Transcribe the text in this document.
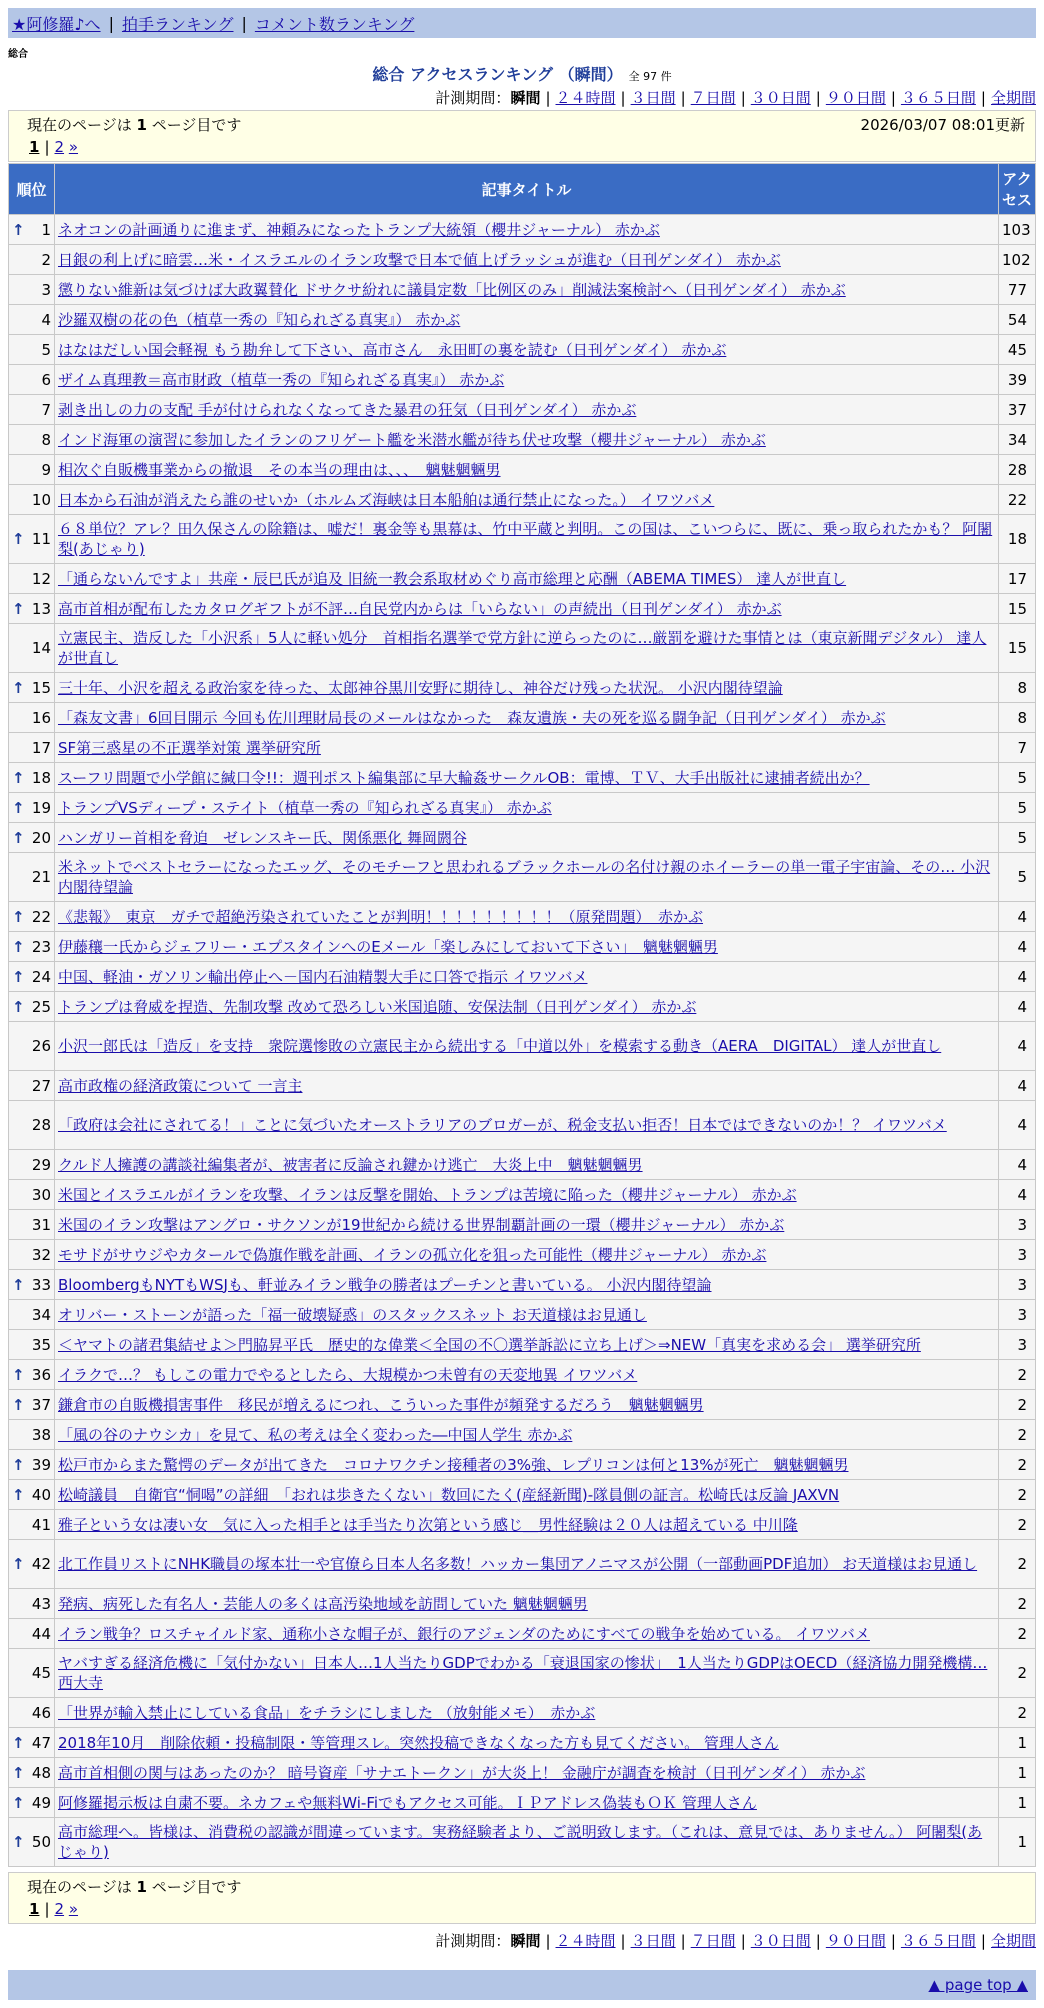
★阿修羅♪へ | 拍手ランキング | コメント数ランキング
総合
総合 アクセスランキング （瞬間） 全 97 件
計測期間：瞬間 | ２４時間 | ３日間 | ７日間 | ３０日間 | ９０日間 | ３６５日間 | 全期間
現在のページは 1 ページ目です	2026/03/07 08:01更新
1 | 2 »
順位	記事タイトル	アクセス

↑ 1	ネオコンの計画通りに進まず、神頼みになったトランプ大統領（櫻井ジャーナル） 赤かぶ	103
2	日銀の利上げに暗雲…米・イスラエルのイラン攻撃で日本で値上げラッシュが進む（日刊ゲンダイ） 赤かぶ	102
3	懲りない維新は気づけば大政翼賛化 ドサクサ紛れに議員定数「比例区のみ」削減法案検討へ（日刊ゲンダイ） 赤かぶ	77
4	沙羅双樹の花の色（植草一秀の『知られざる真実』） 赤かぶ	54
5	はなはだしい国会軽視 もう勘弁して下さい、高市さん　永田町の裏を読む（日刊ゲンダイ） 赤かぶ	45
6	ザイム真理教＝高市財政（植草一秀の『知られざる真実』） 赤かぶ	39
7	剥き出しの力の支配 手が付けられなくなってきた暴君の狂気（日刊ゲンダイ） 赤かぶ	37
8	インド海軍の演習に参加したイランのフリゲート艦を米潜水艦が待ち伏せ攻撃（櫻井ジャーナル） 赤かぶ	34
9	相次ぐ自販機事業からの撤退　その本当の理由は、、、　魑魅魍魎男	28
10	日本から石油が消えたら誰のせいか（ホルムズ海峡は日本船舶は通行禁止になった。） イワツバメ	22

↑ 11	６８単位？アレ？田久保さんの除籍は、嘘だ！裏金等も黒幕は、竹中平蔵と判明。この国は、こいつらに、既に、乗っ取られたかも？ 阿闍梨(あじゃり)	18
12	「通らないんですよ」共産・辰巳氏が追及 旧統一教会系取材めぐり高市総理と応酬（ABEMA TIMES） 達人が世直し	17

↑ 13	高市首相が配布したカタログギフトが不評…自民党内からは「いらない」の声続出（日刊ゲンダイ） 赤かぶ	15
14	立憲民主、造反した「小沢系」5人に軽い処分　首相指名選挙で党方針に逆らったのに…厳罰を避けた事情とは（東京新聞デジタル） 達人が世直し	15

↑ 15	三十年、小沢を超える政治家を待った、太郎神谷黒川安野に期待し、神谷だけ残った状況。 小沢内閣待望論	8
16	「森友文書」6回目開示 今回も佐川理財局長のメールはなかった　森友遺族・夫の死を巡る闘争記（日刊ゲンダイ） 赤かぶ	8
17	SF第三惑星の不正選挙対策 選挙研究所	7

↑ 18	スーフリ問題で小学館に緘口令!!：週刊ポスト編集部に早大輪姦サークルOB：電博、ＴＶ、大手出版社に逮捕者続出か？	5

↑ 19	トランプVSディープ・ステイト（植草一秀の『知られざる真実』） 赤かぶ	5

↑ 20	ハンガリー首相を脅迫　ゼレンスキー氏、関係悪化 舞岡閼谷	5
21	米ネットでベストセラーになったエッグ、そのモチーフと思われるブラックホールの名付け親のホイーラーの単一電子宇宙論、その… 小沢内閣待望論	5

↑ 22	《悲報》　東京　ガチで超絶汚染されていたことが判明！！！！！！！！！（原発問題）　赤かぶ	4

↑ 23	伊藤穰一氏からジェフリー・エプスタインへのEメール「楽しみにしておいて下さい」　魑魅魍魎男	4

↑ 24	中国、軽油・ガソリン輸出停止へ－国内石油精製大手に口答で指示 イワツバメ	4

↑ 25	トランプは脅威を捏造、先制攻撃 改めて恐ろしい米国追随、安保法制（日刊ゲンダイ） 赤かぶ	4
26	小沢一郎氏は「造反」を支持　衆院選惨敗の立憲民主から続出する「中道以外」を模索する動き（AERA　DIGITAL） 達人が世直し	4
27	高市政権の経済政策について 一言主	4
28	「政府は会社にされてる！」ことに気づいたオーストラリアのブロガーが、税金支払い拒否！日本ではできないのか！？ イワツバメ	4
29	クルド人擁護の講談社編集者が、被害者に反論され鍵かけ逃亡　大炎上中　魑魅魍魎男	4
30	米国とイスラエルがイランを攻撃、イランは反撃を開始、トランプは苦境に陥った（櫻井ジャーナル） 赤かぶ	4
31	米国のイラン攻撃はアングロ・サクソンが19世紀から続ける世界制覇計画の一環（櫻井ジャーナル） 赤かぶ	3
32	モサドがサウジやカタールで偽旗作戦を計画、イランの孤立化を狙った可能性（櫻井ジャーナル） 赤かぶ	3

↑ 33	BloombergもNYTもWSJも、軒並みイラン戦争の勝者はプーチンと書いている。 小沢内閣待望論	3
34	オリバー・ストーンが語った「福一破壊疑惑」のスタックスネット お天道様はお見通し	3
35	＜ヤマトの諸君集結せよ＞門脇昇平氏　歴史的な偉業＜全国の不〇選挙訴訟に立ち上げ＞⇒NEW「真実を求める会」 選挙研究所	3

↑ 36	イラクで…？ もしこの電力でやるとしたら、大規模かつ未曾有の天変地異 イワツバメ	2

↑ 37	鎌倉市の自販機損害事件　移民が増えるにつれ、こういった事件が頻発するだろう　魑魅魍魎男	2
38	「風の谷のナウシカ」を見て、私の考えは全く変わった―中国人学生 赤かぶ	2

↑ 39	松戸市からまた驚愕のデータが出てきた　コロナワクチン接種者の3%強、レプリコンは何と13%が死亡　魑魅魍魎男	2

↑ 40	松崎議員　自衛官“恫喝”の詳細　「おれは歩きたくない」数回にたく(産経新聞)-隊員側の証言。松崎氏は反論 JAXVN	2
41	雅子という女は凄い女＿気に入った相手とは手当たり次第という感じ＿男性経験は２０人は超えている 中川隆	2

↑ 42	北工作員リストにNHK職員の塚本壮一や官僚ら日本人名多数！ハッカー集団アノニマスが公開（一部動画PDF追加） お天道様はお見通し	2
43	発病、病死した有名人・芸能人の多くは高汚染地域を訪問していた 魑魅魍魎男	2
44	イラン戦争？ロスチャイルド家、通称小さな帽子が、銀行のアジェンダのためにすべての戦争を始めている。 イワツバメ	2
45	ヤバすぎる経済危機に「気付かない」日本人…1人当たりGDPでわかる「衰退国家の惨状」　1人当たりGDPはOECD（経済協力開発機構… 西大寺	2
46	「世界が輸入禁止にしている食品」をチラシにしました （放射能メモ）　赤かぶ	2

↑ 47	2018年10月　削除依頼・投稿制限・等管理スレ。突然投稿できなくなった方も見てください。 管理人さん	1

↑ 48	高市首相側の関与はあったのか？ 暗号資産「サナエトークン」が大炎上！ 金融庁が調査を検討（日刊ゲンダイ） 赤かぶ	1

↑ 49	阿修羅掲示板は自粛不要。ネカフェや無料Wi-Fiでもアクセス可能。ＩＰアドレス偽装もＯＫ 管理人さん	1

↑ 50	高市総理へ。皆様は、消費税の認識が間違っています。実務経験者より、ご説明致します。（これは、意見では、ありません。） 阿闍梨(あじゃり)	1
現在のページは 1 ページ目です
1 | 2 »
計測期間：瞬間 | ２４時間 | ３日間 | ７日間 | ３０日間 | ９０日間 | ３６５日間 | 全期間
▲ page top ▲
